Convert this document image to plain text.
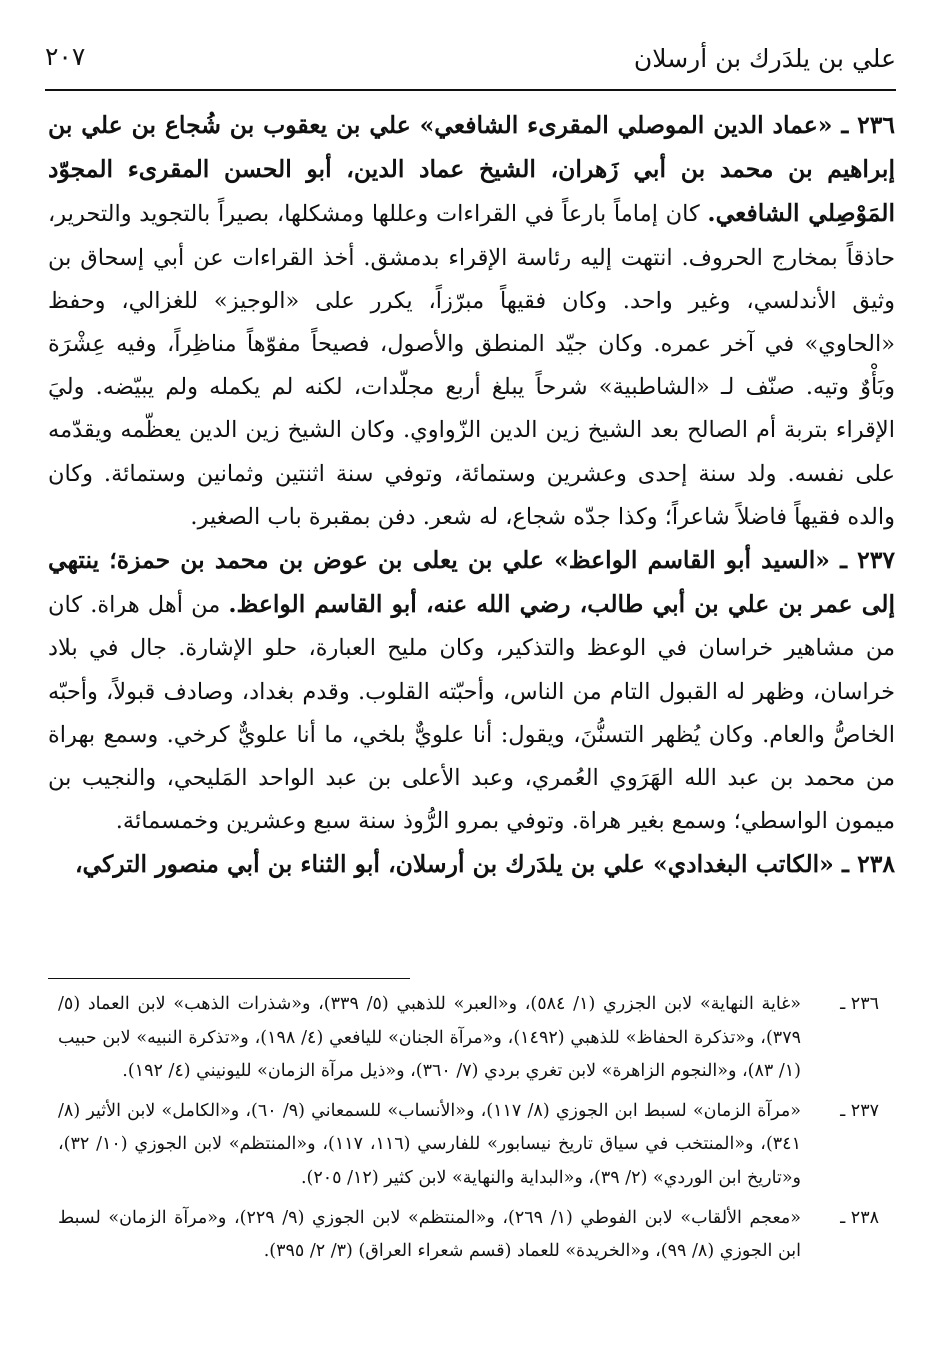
علي بن يلدَرك بن أرسلان
٢٠٧

٢٣٦ ـ «عماد الدين الموصلي المقرىء الشافعي» علي بن يعقوب بن شُجاع بن علي بن إبراهيم بن محمد بن أبي زَهران، الشيخ عماد الدين، أبو الحسن المقرىء المجوّد المَوْصِلي الشافعي. كان إماماً بارعاً في القراءات وعللها ومشكلها، بصيراً بالتجويد والتحرير، حاذقاً بمخارج الحروف. انتهت إليه رئاسة الإقراء بدمشق. أخذ القراءات عن أبي إسحاق بن وثيق الأندلسي، وغير واحد. وكان فقيهاً مبرّزاً، يكرر على «الوجيز» للغزالي، وحفظ «الحاوي» في آخر عمره. وكان جيّد المنطق والأصول، فصيحاً مفوّهاً مناظِراً، وفيه عِشْرَة وبَأْوٌ وتيه. صنّف لـ «الشاطبية» شرحاً يبلغ أربع مجلّدات، لكنه لم يكمله ولم يبيّضه. وليَ الإقراء بتربة أم الصالح بعد الشيخ زين الدين الزّواوي. وكان الشيخ زين الدين يعظّمه ويقدّمه على نفسه. ولد سنة إحدى وعشرين وستمائة، وتوفي سنة اثنتين وثمانين وستمائة. وكان والده فقيهاً فاضلاً شاعراً؛ وكذا جدّه شجاع، له شعر. دفن بمقبرة باب الصغير.

٢٣٧ ـ «السيد أبو القاسم الواعظ» علي بن يعلى بن عوض بن محمد بن حمزة؛ ينتهي إلى عمر بن علي بن أبي طالب، رضي الله عنه، أبو القاسم الواعظ. من أهل هراة. كان من مشاهير خراسان في الوعظ والتذكير، وكان مليح العبارة، حلو الإشارة. جال في بلاد خراسان، وظهر له القبول التام من الناس، وأحبّته القلوب. وقدم بغداد، وصادف قبولاً، وأحبّه الخاصُّ والعام. وكان يُظهر التسنُّنَ، ويقول: أنا علويٌّ بلخي، ما أنا علويٌّ كرخي. وسمع بهراة من محمد بن عبد الله الهَرَوي العُمري، وعبد الأعلى بن عبد الواحد المَليحي، والنجيب بن ميمون الواسطي؛ وسمع بغير هراة. وتوفي بمرو الرُّوذ سنة سبع وعشرين وخمسمائة.

٢٣٨ ـ «الكاتب البغدادي» علي بن يلدَرك بن أرسلان، أبو الثناء بن أبي منصور التركي،

٢٣٦ ـ
«غاية النهاية» لابن الجزري (١/ ٥٨٤)، و«العبر» للذهبي (٥/ ٣٣٩)، و«شذرات الذهب» لابن العماد (٥/ ٣٧٩)، و«تذكرة الحفاظ» للذهبي (١٤٩٢)، و«مرآة الجنان» لليافعي (٤/ ١٩٨)، و«تذكرة النبيه» لابن حبيب (١/ ٨٣)، و«النجوم الزاهرة» لابن تغري بردي (٧/ ٣٦٠)، و«ذيل مرآة الزمان» لليونيني (٤/ ١٩٢).

٢٣٧ ـ
«مرآة الزمان» لسبط ابن الجوزي (٨/ ١١٧)، و«الأنساب» للسمعاني (٩/ ٦٠)، و«الكامل» لابن الأثير (٨/ ٣٤١)، و«المنتخب في سياق تاريخ نيسابور» للفارسي (١١٦، ١١٧)، و«المنتظم» لابن الجوزي (١٠/ ٣٢)، و«تاريخ ابن الوردي» (٢/ ٣٩)، و«البداية والنهاية» لابن كثير (١٢/ ٢٠٥).

٢٣٨ ـ
«معجم الألقاب» لابن الفوطي (١/ ٢٦٩)، و«المنتظم» لابن الجوزي (٩/ ٢٢٩)، و«مرآة الزمان» لسبط ابن الجوزي (٨/ ٩٩)، و«الخريدة» للعماد (قسم شعراء العراق) (٣/ ٢/ ٣٩٥).
